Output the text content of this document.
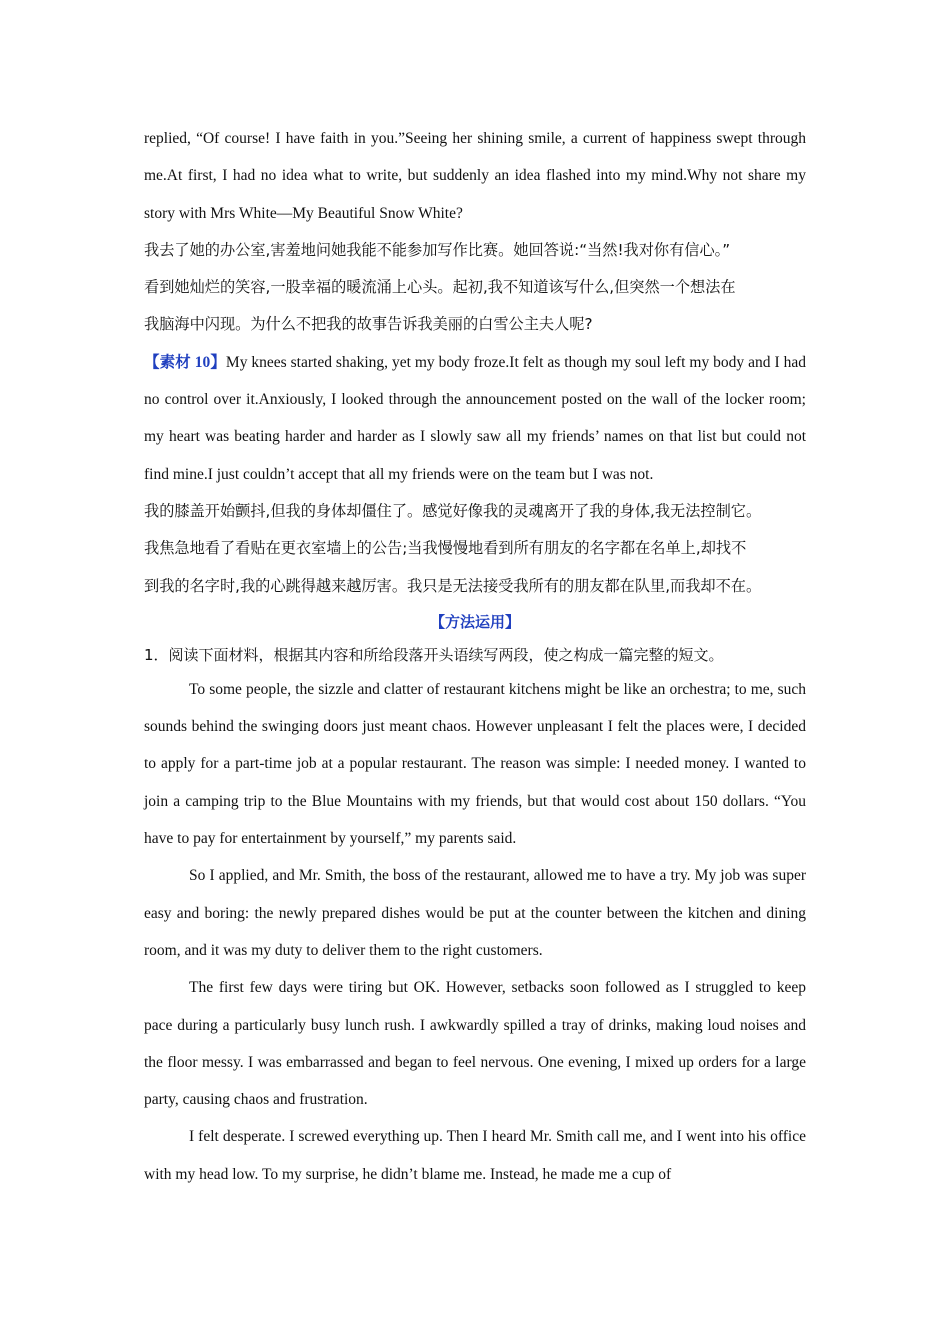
replied, “Of course! I have faith in you.”Seeing her shining smile, a current of happiness swept through me.At first, I had no idea what to write, but suddenly an idea flashed into my mind.Why not share my story with Mrs White—My Beautiful Snow White?

我去了她的办公室,害羞地问她我能不能参加写作比赛。她回答说:“当然!我对你有信心。”

看到她灿烂的笑容,一股幸福的暖流涌上心头。起初,我不知道该写什么,但突然一个想法在

我脑海中闪现。为什么不把我的故事告诉我美丽的白雪公主夫人呢?

【素材 10】My knees started shaking, yet my body froze.It felt as though my soul left my body and I had no control over it.Anxiously, I looked through the announcement posted on the wall of the locker room; my heart was beating harder and harder as I slowly saw all my friends’ names on that list but could not find mine.I just couldn’t accept that all my friends were on the team but I was not.

我的膝盖开始颤抖,但我的身体却僵住了。感觉好像我的灵魂离开了我的身体,我无法控制它。

我焦急地看了看贴在更衣室墙上的公告;当我慢慢地看到所有朋友的名字都在名单上,却找不

到我的名字时,我的心跳得越来越厉害。我只是无法接受我所有的朋友都在队里,而我却不在。

【方法运用】

1．阅读下面材料，根据其内容和所给段落开头语续写两段，使之构成一篇完整的短文。

To some people, the sizzle and clatter of restaurant kitchens might be like an orchestra; to me, such sounds behind the swinging doors just meant chaos. However unpleasant I felt the places were, I decided to apply for a part-time job at a popular restaurant. The reason was simple: I needed money. I wanted to join a camping trip to the Blue Mountains with my friends, but that would cost about 150 dollars. “You have to pay for entertainment by yourself,” my parents said.

So I applied, and Mr. Smith, the boss of the restaurant, allowed me to have a try. My job was super easy and boring: the newly prepared dishes would be put at the counter between the kitchen and dining room, and it was my duty to deliver them to the right customers.

The first few days were tiring but OK. However, setbacks soon followed as I struggled to keep pace during a particularly busy lunch rush. I awkwardly spilled a tray of drinks, making loud noises and the floor messy. I was embarrassed and began to feel nervous. One evening, I mixed up orders for a large party, causing chaos and frustration.

I felt desperate. I screwed everything up. Then I heard Mr. Smith call me, and I went into his office with my head low. To my surprise, he didn’t blame me. Instead, he made me a cup of
